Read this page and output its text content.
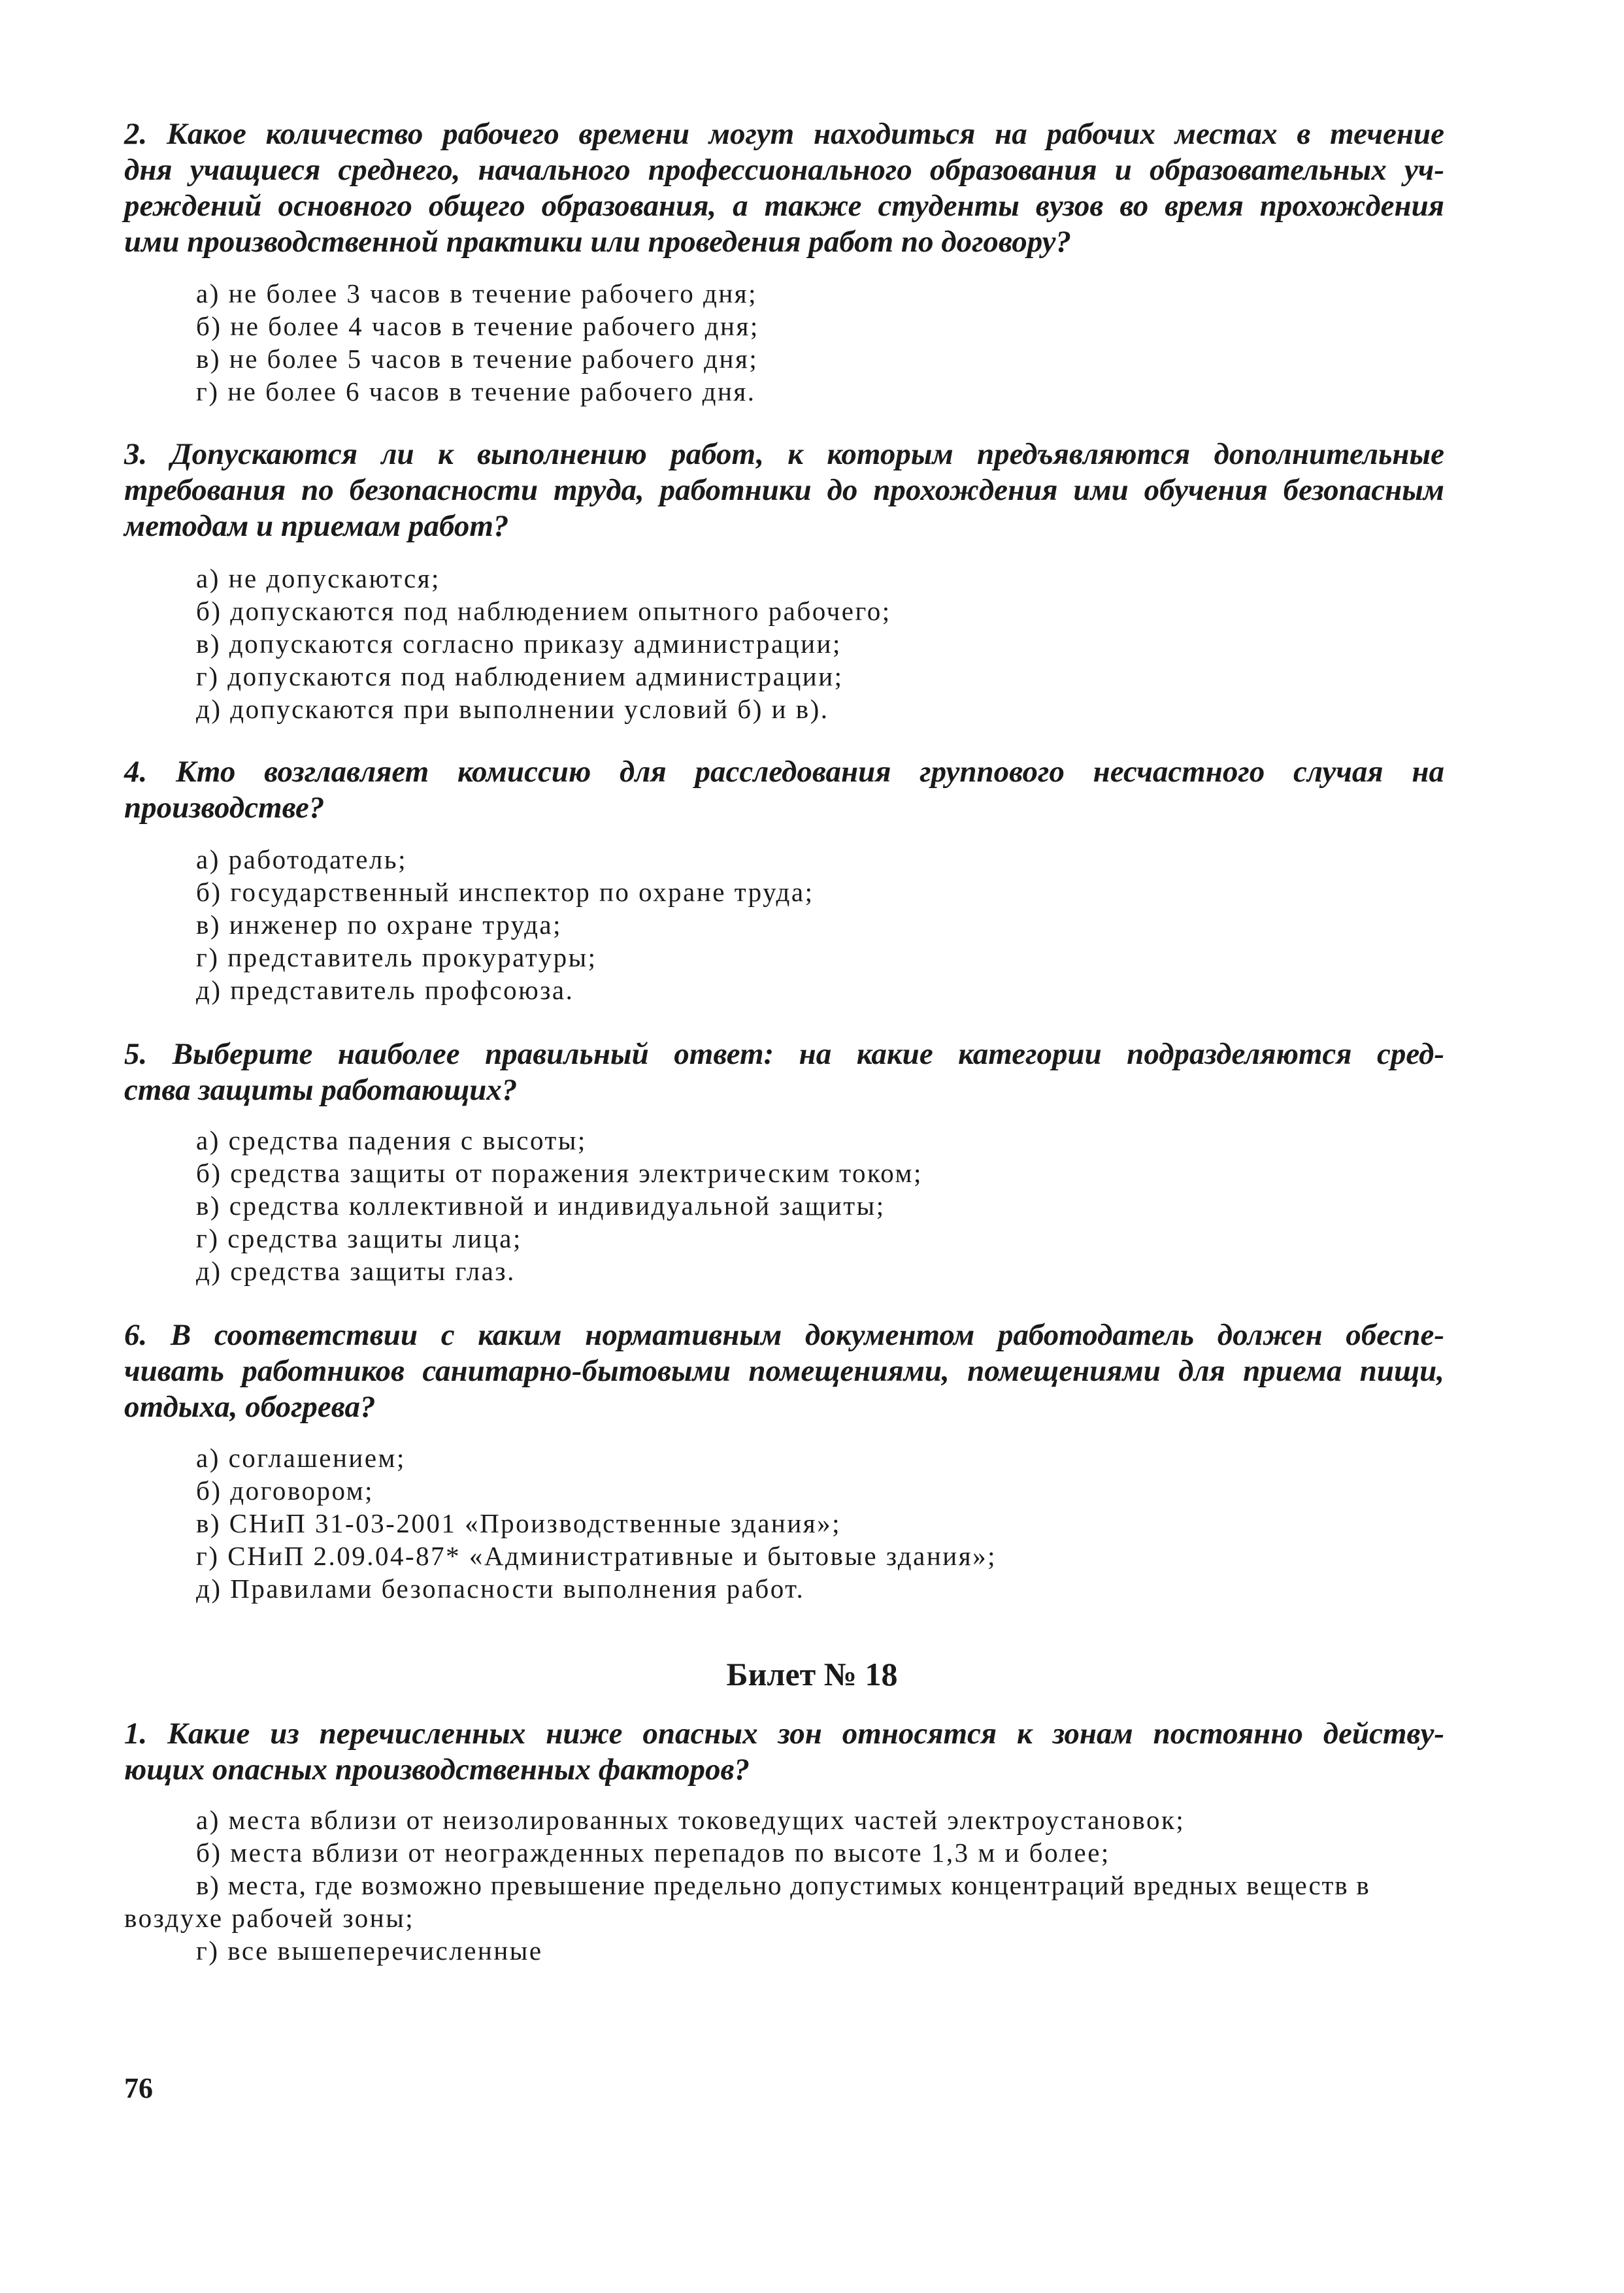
2. Какое количество рабочего времени могут находиться на рабочих местах в течение
дня учащиеся среднего, начального профессионального образования и образовательных уч-
реждений основного общего образования, а также студенты вузов во время прохождения
ими производственной практики или проведения работ по договору?
а) не более 3 часов в течение рабочего дня;
б) не более 4 часов в течение рабочего дня;
в) не более 5 часов в течение рабочего дня;
г) не более 6 часов в течение рабочего дня.
3. Допускаются ли к выполнению работ, к которым предъявляются дополнительные
требования по безопасности труда, работники до прохождения ими обучения безопасным
методам и приемам работ?
а) не допускаются;
б) допускаются под наблюдением опытного рабочего;
в) допускаются согласно приказу администрации;
г) допускаются под наблюдением администрации;
д) допускаются при выполнении условий б) и в).
4. Кто возглавляет комиссию для расследования группового несчастного случая на
производстве?
а) работодатель;
б) государственный инспектор по охране труда;
в) инженер по охране труда;
г) представитель прокуратуры;
д) представитель профсоюза.
5. Выберите наиболее правильный ответ: на какие категории подразделяются сред-
ства защиты работающих?
а) средства падения с высоты;
б) средства защиты от поражения электрическим током;
в) средства коллективной и индивидуальной защиты;
г) средства защиты лица;
д) средства защиты глаз.
6. В соответствии с каким нормативным документом работодатель должен обеспе-
чивать работников санитарно-бытовыми помещениями, помещениями для приема пищи,
отдыха, обогрева?
а) соглашением;
б) договором;
в) СНиП 31-03-2001 «Производственные здания»;
г) СНиП 2.09.04-87* «Административные и бытовые здания»;
д) Правилами безопасности выполнения работ.
Билет № 18
1. Какие из перечисленных ниже опасных зон относятся к зонам постоянно действу-
ющих опасных производственных факторов?
а) места вблизи от неизолированных токоведущих частей электроустановок;
б) места вблизи от неогражденных перепадов по высоте 1,3 м и более;
в) места, где возможно превышение предельно допустимых концентраций вредных веществ в
воздухе рабочей зоны;
г) все вышеперечисленные
76
